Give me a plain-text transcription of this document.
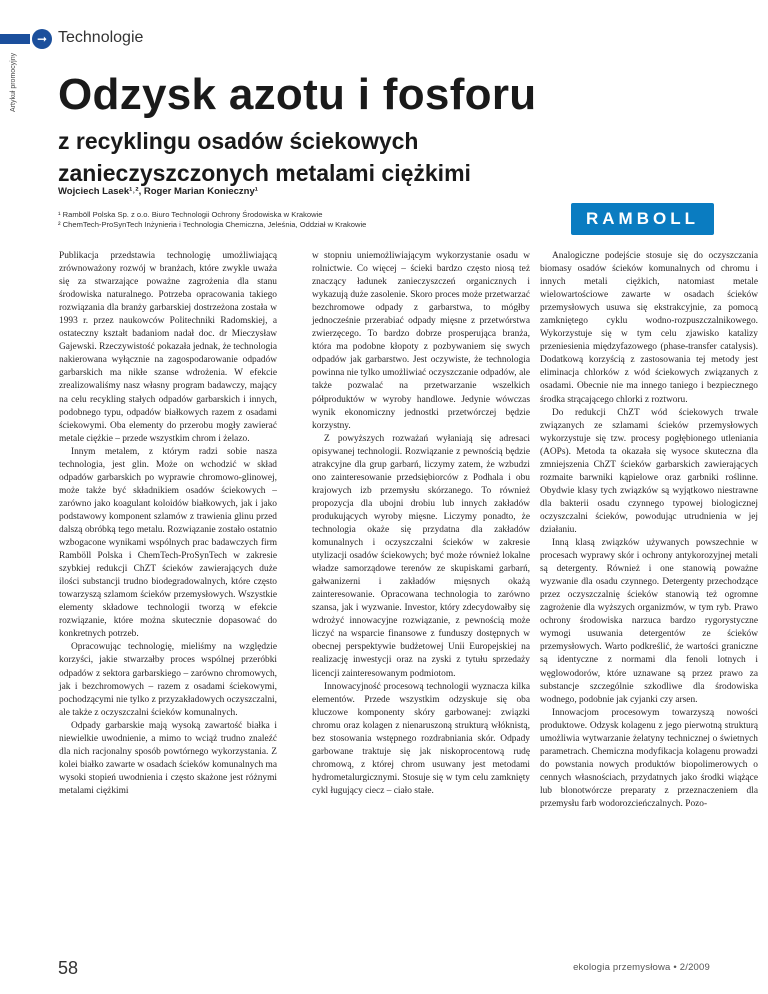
➞ Technologie
Artykuł promocyjny Odzysk azotu i fosforu
z recyklingu osadów ściekowych zanieczyszczonych metalami ciężkimi
Wojciech Lasek¹˒², Roger Marian Konieczny¹
¹ Ramböll Polska Sp. z o.o. Biuro Technologii Ochrony Środowiska w Krakowie
² ChemTech-ProSynTech Inżynieria i Technologia Chemiczna, Jeleśnia, Oddział w Krakowie	RAMBOLL

Publikacja przedstawia technologię umożliwiającą zrównoważony rozwój w branżach, które zwykle uważa się za stwarzające poważne zagrożenia dla stanu środowiska naturalnego. Potrzeba opracowania takiego rozwiązania dla branży garbarskiej dostrzeżona została w 1993 r. przez naukowców Politechniki Radomskiej, a ostateczny kształt badaniom nadał doc. dr Mieczysław Gajewski. Rzeczywistość pokazała jednak, że technologia nakierowana wyłącznie na zagospodarowanie odpadów garbarskich ma nikłe szanse wdrożenia. W efekcie zrealizowaliśmy nasz własny program badawczy, mający na celu recykling stałych odpadów garbarskich i innych, podobnego typu, odpadów białkowych razem z osadami ściekowymi. Oba elementy do przerobu mogły zawierać metale ciężkie – przede wszystkim chrom i żelazo.

Innym metalem, z którym radzi sobie nasza technologia, jest glin. Może on wchodzić w skład odpadów garbarskich po wyprawie chromowo-glinowej, może także być składnikiem osadów ściekowych – zarówno jako koagulant koloidów białkowych, jak i jako podstawowy komponent szlamów z trawienia glinu przed dalszą obróbką tego metalu. Rozwiązanie zostało ostatnio wzbogacone wynikami wspólnych prac badawczych firm Ramböll Polska i ChemTech-ProSynTech w zakresie szybkiej redukcji ChZT ścieków zawierających duże ilości substancji trudno biodegradowalnych, które często towarzyszą szlamom ścieków przemysłowych. Wszystkie elementy składowe technologii tworzą w efekcie rozwiązanie, które można skutecznie dopasować do konkretnych potrzeb.

Opracowując technologię, mieliśmy na względzie korzyści, jakie stwarzałby proces wspólnej przeróbki odpadów z sektora garbarskiego – zarówno chromowych, jak i bezchromowych – razem z osadami ściekowymi, pochodzącymi nie tylko z przyzakładowych oczyszczalni, ale także z oczyszczalni ścieków komunalnych.

Odpady garbarskie mają wysoką zawartość białka i niewielkie uwodnienie, a mimo to wciąż trudno znaleźć dla nich racjonalny sposób powtórnego wykorzystania. Z kolei białko zawarte w osadach ścieków komunalnych ma wysoki stopień uwodnienia i często skażone jest różnymi metalami ciężkimi

w stopniu uniemożliwiającym wykorzystanie osadu w rolnictwie. Co więcej – ścieki bardzo często niosą też znaczący ładunek zanieczyszczeń organicznych i wykazują duże zasolenie. Skoro proces może przetwarzać bezchromowe odpady z garbarstwa, to mógłby jednocześnie przerabiać odpady mięsne z przetwórstwa zwierzęcego. To bardzo dobrze prosperująca branża, która ma podobne kłopoty z pozbywaniem się swych odpadów jak garbarstwo. Jest oczywiste, że technologia powinna nie tylko umożliwiać oczyszczanie odpadów, ale także pozwalać na przetwarzanie wszelkich półproduktów w wyroby handlowe. Jedynie wówczas wynik ekonomiczny jednostki przetwórczej będzie korzystny.

Z powyższych rozważań wyłaniają się adresaci opisywanej technologii. Rozwiązanie z pewnością będzie atrakcyjne dla grup garbarń, liczymy zatem, że wzbudzi ono zainteresowanie przedsiębiorców z Podhala i obu krajowych izb przemysłu skórzanego. To również propozycja dla ubojni drobiu lub innych zakładów produkujących wyroby mięsne. Liczymy ponadto, że technologia okaże się przydatna dla zakładów komunalnych i oczyszczalni ścieków w zakresie utylizacji osadów ściekowych; być może również lokalne władze samorządowe terenów ze skupiskami garbarń, gałwanizerni i zakładów mięsnych okażą zainteresowanie. Opracowana technologia to zarówno szansa, jak i wyzwanie. Investor, który zdecydowałby się wdrożyć innowacyjne rozwiązanie, z pewnością może liczyć na wsparcie finansowe z funduszy dostępnych w obecnej perspektywie budżetowej Unii Europejskiej na realizację inwestycji oraz na zyski z tytułu sprzedaży licencji zainteresowanym podmiotom.

Innowacyjność procesową technologii wyznacza kilka elementów. Przede wszystkim odzyskuje się oba kluczowe komponenty skóry garbowanej: związki chromu oraz kolagen z nienaruszoną strukturą włóknistą, bez stosowania wstępnego rozdrabniania skór. Odpady garbowane traktuje się jak niskoprocentową rudę chromową, z której chrom usuwany jest metodami hydrometalurgicznymi. Stosuje się w tym celu zamknięty cykl ługujący ciecz – ciało stałe.

Analogiczne podejście stosuje się do oczyszczania biomasy osadów ścieków komunalnych od chromu i innych metali ciężkich, natomiast metale wielowartościowe zawarte w osadach ścieków przemysłowych usuwa się ekstrakcyjnie, za pomocą zamkniętego cyklu wodno-rozpuszczalnikowego. Wykorzystuje się w tym celu zjawisko katalizy przeniesienia międzyfazowego (phase-transfer catalysis). Dodatkową korzyścią z zastosowania tej metody jest eliminacja chlorków z wód ściekowych związanych z osadami. Obecnie nie ma innego taniego i bezpiecznego środka strącającego chlorki z roztworu.

Do redukcji ChZT wód ściekowych trwale związanych ze szlamami ścieków przemysłowych wykorzystuje się tzw. procesy pogłębionego utleniania (AOPs). Metoda ta okazała się wysoce skuteczna dla zmniejszenia ChZT ścieków garbarskich zawierających rozmaite barwniki kąpielowe oraz garbniki roślinne. Obydwie klasy tych związków są wyjątkowo niestrawne dla bakterii osadu czynnego typowej biologicznej oczyszczalni ścieków, powodując utrudnienia w jej działaniu.

Inną klasą związków używanych powszechnie w procesach wyprawy skór i ochrony antykorozyjnej metali są detergenty. Również i one stanowią poważne wyzwanie dla osadu czynnego. Detergenty przechodzące przez oczyszczalnię ścieków stanowią też ogromne zagrożenie dla wyższych organizmów, w tym ryb. Prawo ochrony środowiska narzuca bardzo rygorystyczne wymogi usuwania detergentów ze ścieków przemysłowych. Warto podkreślić, że wartości graniczne są identyczne z normami dla fenoli lotnych i węglowodorów, które uznawane są przez prawo za substancje szczególnie szkodliwe dla środowiska wodnego, podobnie jak cyjanki czy arsen.

Innowacjom procesowym towarzyszą nowości produktowe. Odzysk kolagenu z jego pierwotną strukturą umożliwia wytwarzanie żelatyny technicznej o świetnych parametrach. Chemiczna modyfikacja kolagenu prowadzi do powstania nowych produktów biopolimerowych o cennych własnościach, przydatnych jako środki wiążące lub blonotwórcze preparaty z przeznaczeniem dla przemysłu farb wodorozcieńczalnych. Pozo-

58	ekologia przemysłowa • 2/2009
